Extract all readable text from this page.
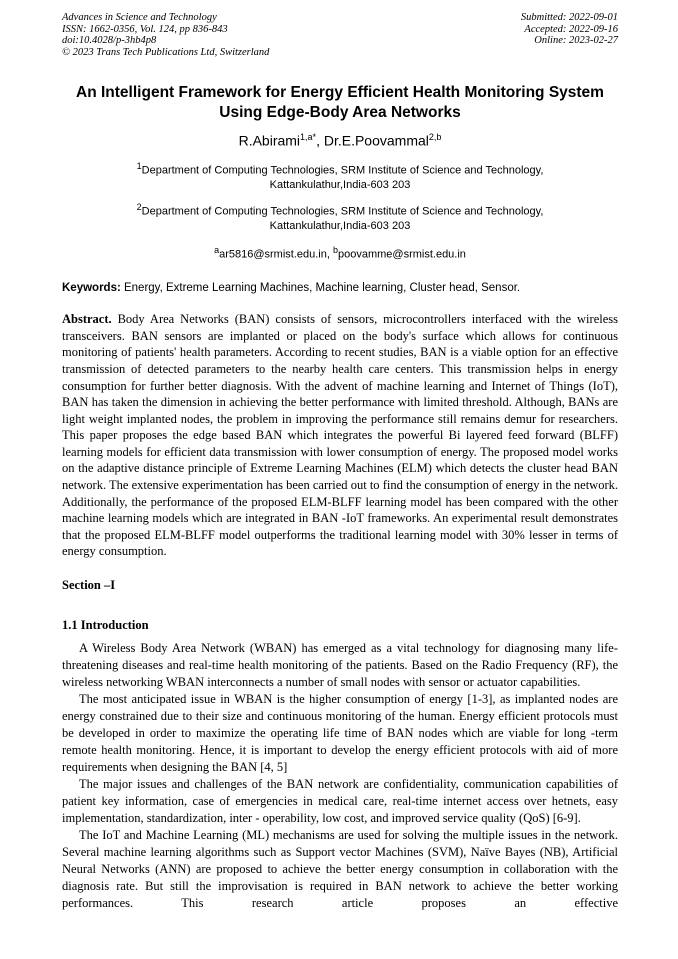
Advances in Science and Technology
ISSN: 1662-0356, Vol. 124, pp 836-843
doi:10.4028/p-3hb4p8
© 2023 Trans Tech Publications Ltd, Switzerland
Submitted: 2022-09-01
Accepted: 2022-09-16
Online: 2023-02-27
An Intelligent Framework for Energy Efficient Health Monitoring System
Using Edge-Body Area Networks
R.Abirami$^{1,a*}$, Dr.E.Poovammal$^{2,b}$
$^1$Department of Computing Technologies, SRM Institute of Science and Technology,
Kattankulathur,India-603 203
$^2$Department of Computing Technologies, SRM Institute of Science and Technology,
Kattankulathur,India-603 203
$^a$ar5816@srmist.edu.in, $^b$poovamme@srmist.edu.in
Keywords: Energy, Extreme Learning Machines, Machine learning, Cluster head, Sensor.
Abstract. Body Area Networks (BAN) consists of sensors, microcontrollers interfaced with the wireless transceivers. BAN sensors are implanted or placed on the body's surface which allows for continuous monitoring of patients' health parameters. According to recent studies, BAN is a viable option for an effective transmission of detected parameters to the nearby health care centers. This transmission helps in energy consumption for further better diagnosis. With the advent of machine learning and Internet of Things (IoT), BAN has taken the dimension in achieving the better performance with limited threshold. Although, BANs are light weight implanted nodes, the problem in improving the performance still remains demur for researchers. This paper proposes the edge based BAN which integrates the powerful Bi layered feed forward (BLFF) learning models for efficient data transmission with lower consumption of energy. The proposed model works on the adaptive distance principle of Extreme Learning Machines (ELM) which detects the cluster head BAN network. The extensive experimentation has been carried out to find the consumption of energy in the network. Additionally, the performance of the proposed ELM-BLFF learning model has been compared with the other machine learning models which are integrated in BAN -IoT frameworks. An experimental result demonstrates that the proposed ELM-BLFF model outperforms the traditional learning model with 30% lesser in terms of energy consumption.
Section –I
1.1 Introduction

A Wireless Body Area Network (WBAN) has emerged as a vital technology for diagnosing many life-threatening diseases and real-time health monitoring of the patients. Based on the Radio Frequency (RF), the wireless networking WBAN interconnects a number of small nodes with sensor or actuator capabilities.

The most anticipated issue in WBAN is the higher consumption of energy [1-3], as implanted nodes are energy constrained due to their size and continuous monitoring of the human. Energy efficient protocols must be developed in order to maximize the operating life time of BAN nodes which are viable for long -term remote health monitoring. Hence, it is important to develop the energy efficient protocols with aid of more requirements when designing the BAN [4, 5]

The major issues and challenges of the BAN network are confidentiality, communication capabilities of patient key information, case of emergencies in medical care, real-time internet access over hetnets, easy implementation, standardization, inter - operability, low cost, and improved service quality (QoS) [6-9].

The IoT and Machine Learning (ML) mechanisms are used for solving the multiple issues in the network. Several machine learning algorithms such as Support vector Machines (SVM), Naïve Bayes (NB), Artificial Neural Networks (ANN) are proposed to achieve the better energy consumption in collaboration with the diagnosis rate. But still the improvisation is required in BAN network to achieve the better working performances. This research article proposes an effective
